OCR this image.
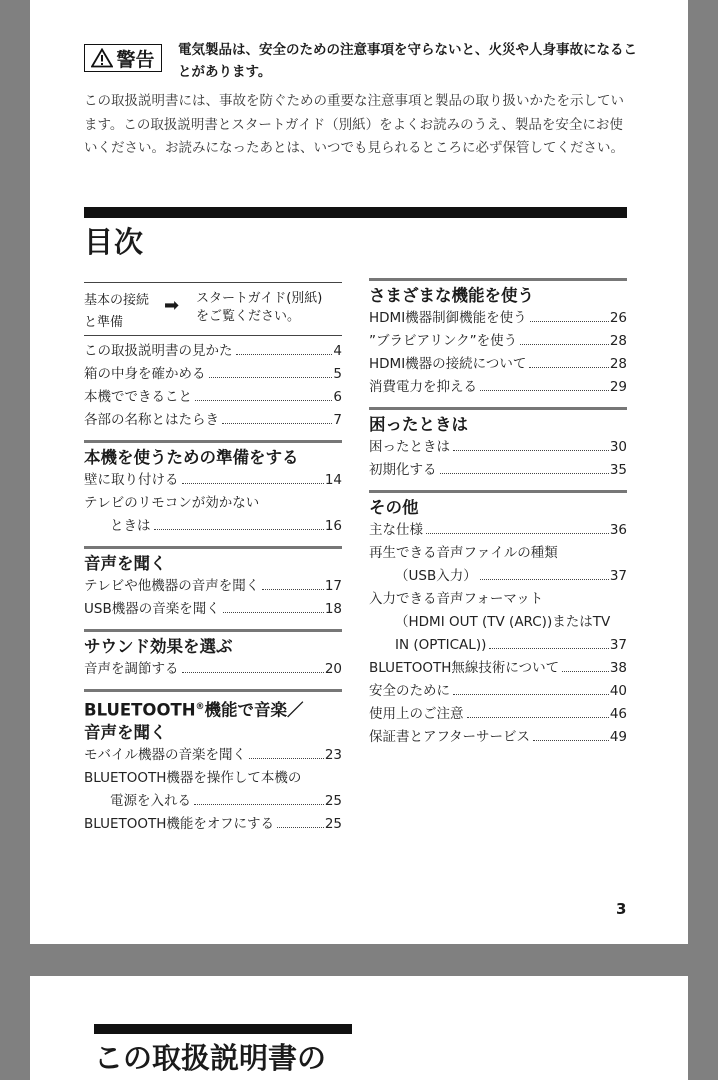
警告 電気製品は、安全のための注意事項を守らないと、火災や人身事故になることがあります。
この取扱説明書には、事故を防ぐための重要な注意事項と製品の取り扱いかたを示しています。この取扱説明書とスタートガイド（別紙）をよくお読みのうえ、製品を安全にお使いください。お読みになったあとは、いつでも見られるところに必ず保管してください。
目次
基本の接続
と準備
➡ スタートガイド(別紙)
をご覧ください。
この取扱説明書の見かた	4
箱の中身を確かめる	5
本機でできること	6
各部の名称とはたらき	7
本機を使うための準備をする
壁に取り付ける	14
テレビのリモコンが効かない
ときは	16
音声を聞く
テレビや他機器の音声を聞く	17
USB機器の音楽を聞く	18
サウンド効果を選ぶ
音声を調節する	20
BLUETOOTH®機能で音楽／
音声を聞く
モバイル機器の音楽を聞く	23
BLUETOOTH機器を操作して本機の
電源を入れる	25
BLUETOOTH機能をオフにする	25
さまざまな機能を使う
HDMI機器制御機能を使う	26
”ブラビアリンク”を使う	28
HDMI機器の接続について	28
消費電力を抑える	29
困ったときは
困ったときは	30
初期化する	35
その他
主な仕様	36
再生できる音声ファイルの種類
（USB入力）	37
入力できる音声フォーマット
（HDMI OUT (TV (ARC))またはTV
IN (OPTICAL))	37
BLUETOOTH無線技術について	38
安全のために	40
使用上のご注意	46
保証書とアフターサービス	49
3
この取扱説明書の
